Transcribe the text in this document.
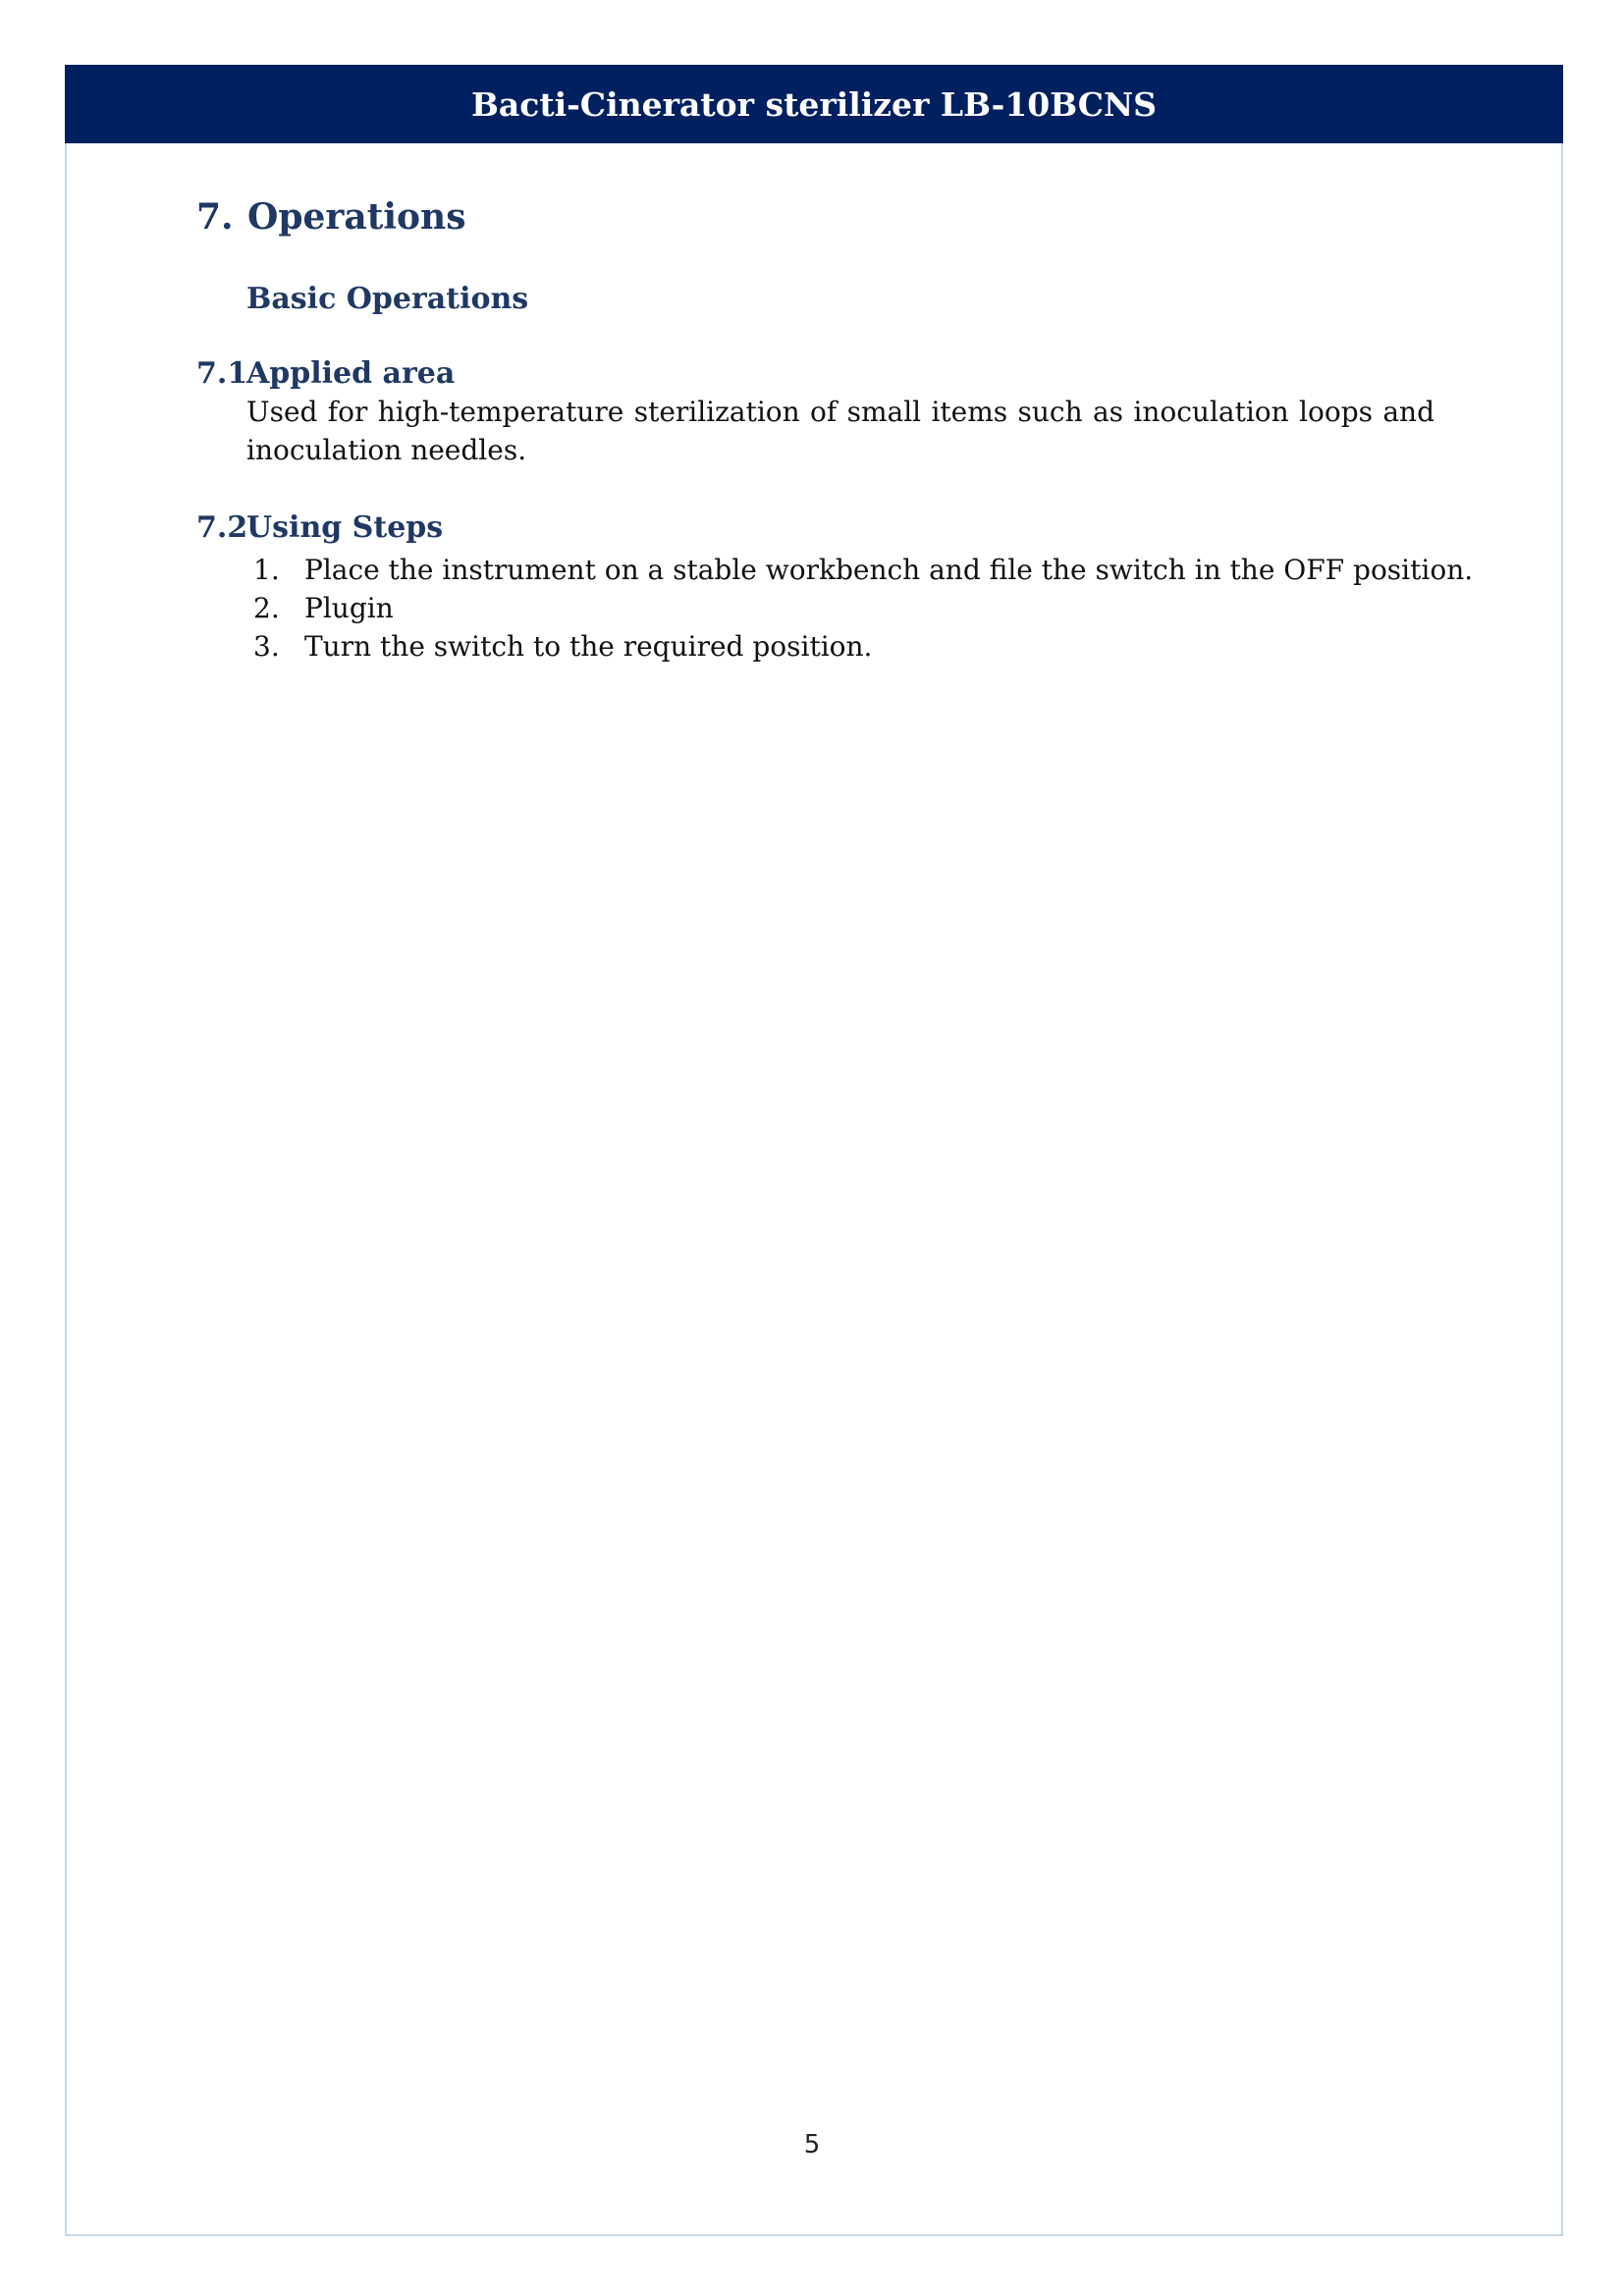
Bacti-Cinerator sterilizer LB-10BCNS
7. Operations
Basic Operations
7.1Applied area

Used for high-temperature sterilization of small items such as inoculation loops and inoculation needles.

7.2Using Steps
1. Place the instrument on a stable workbench and file the switch in the OFF position.
2. Plugin
3. Turn the switch to the required position.
5
